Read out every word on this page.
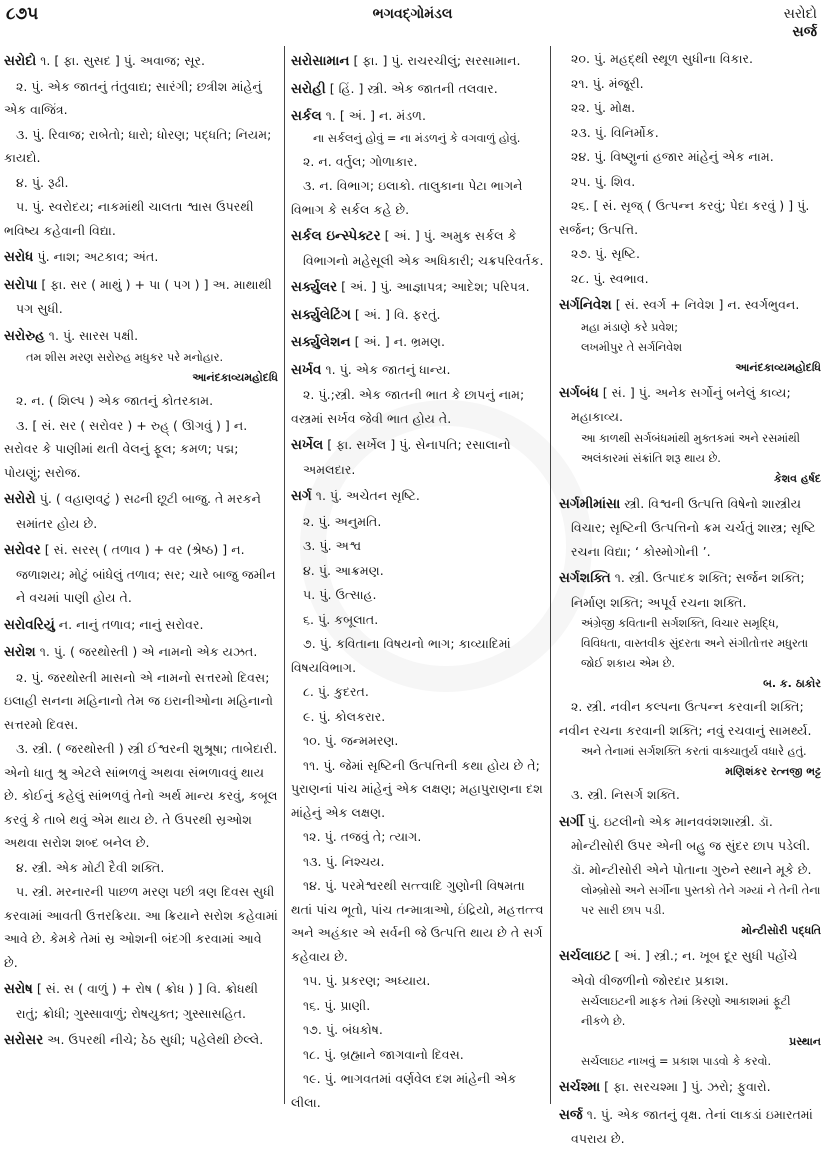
૮૭૫	ભગવદ્ગોમંડલ	સરોદો
સર્જ
સરોદો ૧. [ ફા. સુસદ ] પું. અવાજ; સૂર.
૨. પું. એક જાતનું તંતુવાદ્ય; સારંગી; છત્રીશ માંહેનું એક વાજિંત્ર.
૩. પું. રિવાજ; રાબેતો; ધારો; ધોરણ; પદ્ધતિ; નિયમ; કાયદો.
૪. પું. રૂઢી.
૫. પું. સ્વરોદય; નાકમાંથી ચાલતા શ્વાસ ઉપરથી ભવિષ્ય કહેવાની વિદ્યા.
સરોધ પું. નાશ; અટકાવ; અંત.
સરોપા [ ફા. સર ( માથું ) + પા ( પગ ) ] અ. માથાથી પગ સુધી.
સરોરુહ ૧. પું. સારસ પક્ષી.
તમ શીસ મરણ સરોરુહ મધુકર પરે મનોહાર.
આનંદકાવ્યમહોદધિ
૨. ન. ( શિલ્પ ) એક જાતનું કોતરકામ.
૩. [ સં. સર ( સરોવર ) + રુહ્ ( ઊગવું ) ] ન. સરોવર કે પાણીમાં થતી વેલનું ફૂલ; કમળ; પદ્મ; પોયણું; સરોજ.
સરોરો પું. ( વહાણવટું ) સઢની છૂટી બાજુ. તે મરકને સમાંતર હોય છે.
સરોવર [ સં. સરસ્ ( તળાવ ) + વર (શ્રેષ્ઠ) ] ન. જળાશય; મોટું બાંધેલું તળાવ; સર; ચારે બાજુ જમીન ને વચમાં પાણી હોય તે.
સરોવરિયું ન. નાનું તળાવ; નાનું સરોવર.
સરોશ ૧. પું. ( જરથોસ્તી ) એ નામનો એક યઝત.
૨. પું. જરથોસ્તી માસનો એ નામનો સત્તરમો દિવસ; ઇલાહી સનના મહિનાનો તેમ જ ઇરાનીઓના મહિનાનો સત્તરમો દિવસ.
૩. સ્ત્રી. ( જરથોસ્તી ) સ્ત્રી ઈશ્વરની શુશ્રૂષા; તાબેદારી. એનો ધાતુ શ્રુ એટલે સાંભળવું અથવા સંભળાવવું થાય છે. કોઈનું કહેલું સાંભળવું તેનો અર્થ માન્ય કરવું, કબૂલ કરવું કે તાબે થવું એમ થાય છે. તે ઉપરથી સ્રઓશ અથવા સરોશ શબ્દ બનેલ છે.
૪. સ્ત્રી. એક મોટી દૈવી શક્તિ.
૫. સ્ત્રી. મરનારની પાછળ મરણ પછી ત્રણ દિવસ સુધી કરવામાં આવતી ઉત્તરક્રિયા. આ ક્રિયાને સરોશ કહેવામાં આવે છે. કેમકે તેમાં સ્ર ઓશની બંદગી કરવામાં આવે છે.
સરોષ [ સં. સ ( વાળું ) + રોષ ( ક્રોધ ) ] વિ. ક્રોધથી રાતું; ક્રોધી; ગુસ્સાવાળું; રોષયુક્ત; ગુસ્સાસહિત.
સરોસર અ. ઉપરથી નીચે; ઠેઠ સુધી; પહેલેથી છેલ્લે.
સરોસામાન [ ફા. ] પું. રાચરચીલું; સરસામાન.
સરોહી [ હિં. ] સ્ત્રી. એક જાતની તલવાર.
સર્કલ ૧. [ અં. ] ન. મંડળ.
ના સર્કલનું હોવું = ના મંડળનું કે વગવાળું હોવું.
૨. ન. વર્તુલ; ગોળાકાર.
૩. ન. વિભાગ; ઇલાકો. તાલુકાના પેટા ભાગને વિભાગ કે સર્કલ કહે છે.
સર્કલ ઇન્સ્પેક્ટર [ અં. ] પું. અમુક સર્કલ કે વિભાગનો મહેસૂલી એક અધિકારી; ચક્રપરિવર્તક.
સર્ક્યુલર [ અં. ] પું. આજ્ઞાપત્ર; આદેશ; પરિપત્ર.
સર્ક્યુલેટિંગ [ અં. ] વિ. ફરતું.
સર્ક્યુલેશન [ અં. ] ન. ભ્રમણ.
સર્ખવ ૧. પું. એક જાતનું ધાન્ય.
૨. પું.;સ્ત્રી. એક જાતની ભાત કે છાપનું નામ; વસ્ત્રમાં સર્ખવ જેવી ભાત હોય તે.
સર્ખેલ [ ફા. સર્ખેલ ] પું. સેનાપતિ; રસાલાનો અમલદાર.
સર્ગ ૧. પું. અચેતન સૃષ્ટિ.
૨. પું. અનુમતિ.
૩. પું. અશ્વ
૪. પું. આક્રમણ.
૫. પું. ઉત્સાહ.
૬. પું. કબૂલાત.
૭. પું. કવિતાના વિષયનો ભાગ; કાવ્યાદિમાં વિષયવિભાગ.
૮. પું. કુદરત.
૯. પું. કોલકરાર.
૧૦. પું. જન્મમરણ.
૧૧. પું. જેમાં સૃષ્ટિની ઉત્પત્તિની કથા હોય છે તે; પુરાણનાં પાંચ માંહેનું એક લક્ષણ; મહાપુરાણના દશ માંહેનું એક લક્ષણ.
૧૨. પું. તજવું તે; ત્યાગ.
૧૩. પું. નિશ્ચય.
૧૪. પું. પરમેશ્વરથી સત્ત્વાદિ ગુણોની વિષમતા થતાં પાંચ ભૂતો, પાંચ તન્માત્રાઓ, ઇંદ્રિયો, મહત્તત્ત્વ અને અહંકાર એ સર્વની જે ઉત્પત્તિ થાય છે તે સર્ગ કહેવાય છે.
૧૫. પું. પ્રકરણ; અધ્યાય.
૧૬. પું. પ્રાણી.
૧૭. પું. બંધકોષ.
૧૮. પું. બ્રહ્માને જાગવાનો દિવસ.
૧૯. પું. ભાગવતમાં વર્ણવેલ દશ માંહેની એક લીલા.
૨૦. પું. મહદ્થી સ્થૂળ સુધીના વિકાર.
૨૧. પું. મંજૂરી.
૨૨. પું. મોક્ષ.
૨૩. પું. વિનિર્મોક.
૨૪. પું. વિષ્ણુનાં હજાર માંહેનું એક નામ.
૨૫. પું. શિવ.
૨૬. [ સં. સૃજ્ ( ઉત્પન્ન કરવું; પેદા કરવું ) ] પું. સર્જન; ઉત્પત્તિ.
૨૭. પું. સૃષ્ટિ.
૨૮. પું. સ્વભાવ.
સર્ગનિવેશ [ સં. સ્વર્ગ + નિવેશ ] ન. સ્વર્ગભુવન.
મહા મંડાણે કરે પ્રવેશ;
લખમીપુર તે સર્ગનિવેશ
આનંદકાવ્યમહોદધિ
સર્ગબંધ [ સં. ] પું. અનેક સર્ગોનું બનેલું કાવ્ય; મહાકાવ્ય.
આ કાળથી સર્ગબંધમાંથી મુક્તકમાં અને રસમાંથી અલંકારમાં સંક્રાંતિ શરૂ થાય છે.
કેશવ હર્ષદ
સર્ગમીમાંસા સ્ત્રી. વિશ્વની ઉત્પત્તિ વિષેનો શાસ્ત્રીય વિચાર; સૃષ્ટિની ઉત્પત્તિનો ક્રમ ચર્ચતું શાસ્ત્ર; સૃષ્ટિ રચના વિદ્યા; ‘ કોસ્મોગોની ’.
સર્ગશક્તિ ૧. સ્ત્રી. ઉત્પાદક શક્તિ; સર્જન શક્તિ; નિર્માણ શક્તિ; અપૂર્વ રચના શક્તિ.
અંગ્રેજી કવિતાની સર્ગશક્તિ, વિચાર સમૃદ્ધિ, વિવિધતા, વાસ્તવીક સુંદરતા અને સંગીતોત્તર મધુરતા જોઈ શકાય એમ છે.
બ. ક. ઠાકોર
૨. સ્ત્રી. નવીન કલ્પના ઉત્પન્ન કરવાની શક્તિ; નવીન રચના કરવાની શક્તિ; નવું રચવાનું સામર્થ્ય.
અને તેનામાં સર્ગશક્તિ કરતાં વાક્ચાતુર્ય વધારે હતું.
મણિશંકર રત્નજી ભટ્ટ
૩. સ્ત્રી. નિસર્ગ શક્તિ.
સર્ગી પું. ઇટલીનો એક માનવવંશશાસ્ત્રી. ડૉ. મોન્ટીસોરી ઉપર એની બહુ જ સુંદર છાપ પડેલી. ડૉ. મોન્ટીસોરી એને પોતાના ગુરુને સ્થાને મૂકે છે.
લોમ્બ્રોસો અને સર્ગીના પુસ્તકો તેને ગમ્યાં ને તેની તેના પર સારી છાપ પડી.
મોન્ટીસોરી પદ્ધતિ
સર્ચલાઇટ [ અં. ] સ્ત્રી.; ન. ખૂબ દૂર સુધી પહોંચે એવો વીજળીનો જોરદાર પ્રકાશ.
સર્ચલાઇટની માફક તેમાં કિરણો આકાશમાં ફૂટી નીકળે છે.
પ્રસ્થાન
સર્ચલાઇટ નાખવું = પ્રકાશ પાડવો કે કરવો.
સર્ચશ્મા [ ફા. સરચશ્મા ] પું. ઝરો; ફુવારો.
સર્જ ૧. પું. એક જાતનું વૃક્ષ. તેનાં લાકડાં ઇમારતમાં વપરાય છે.
